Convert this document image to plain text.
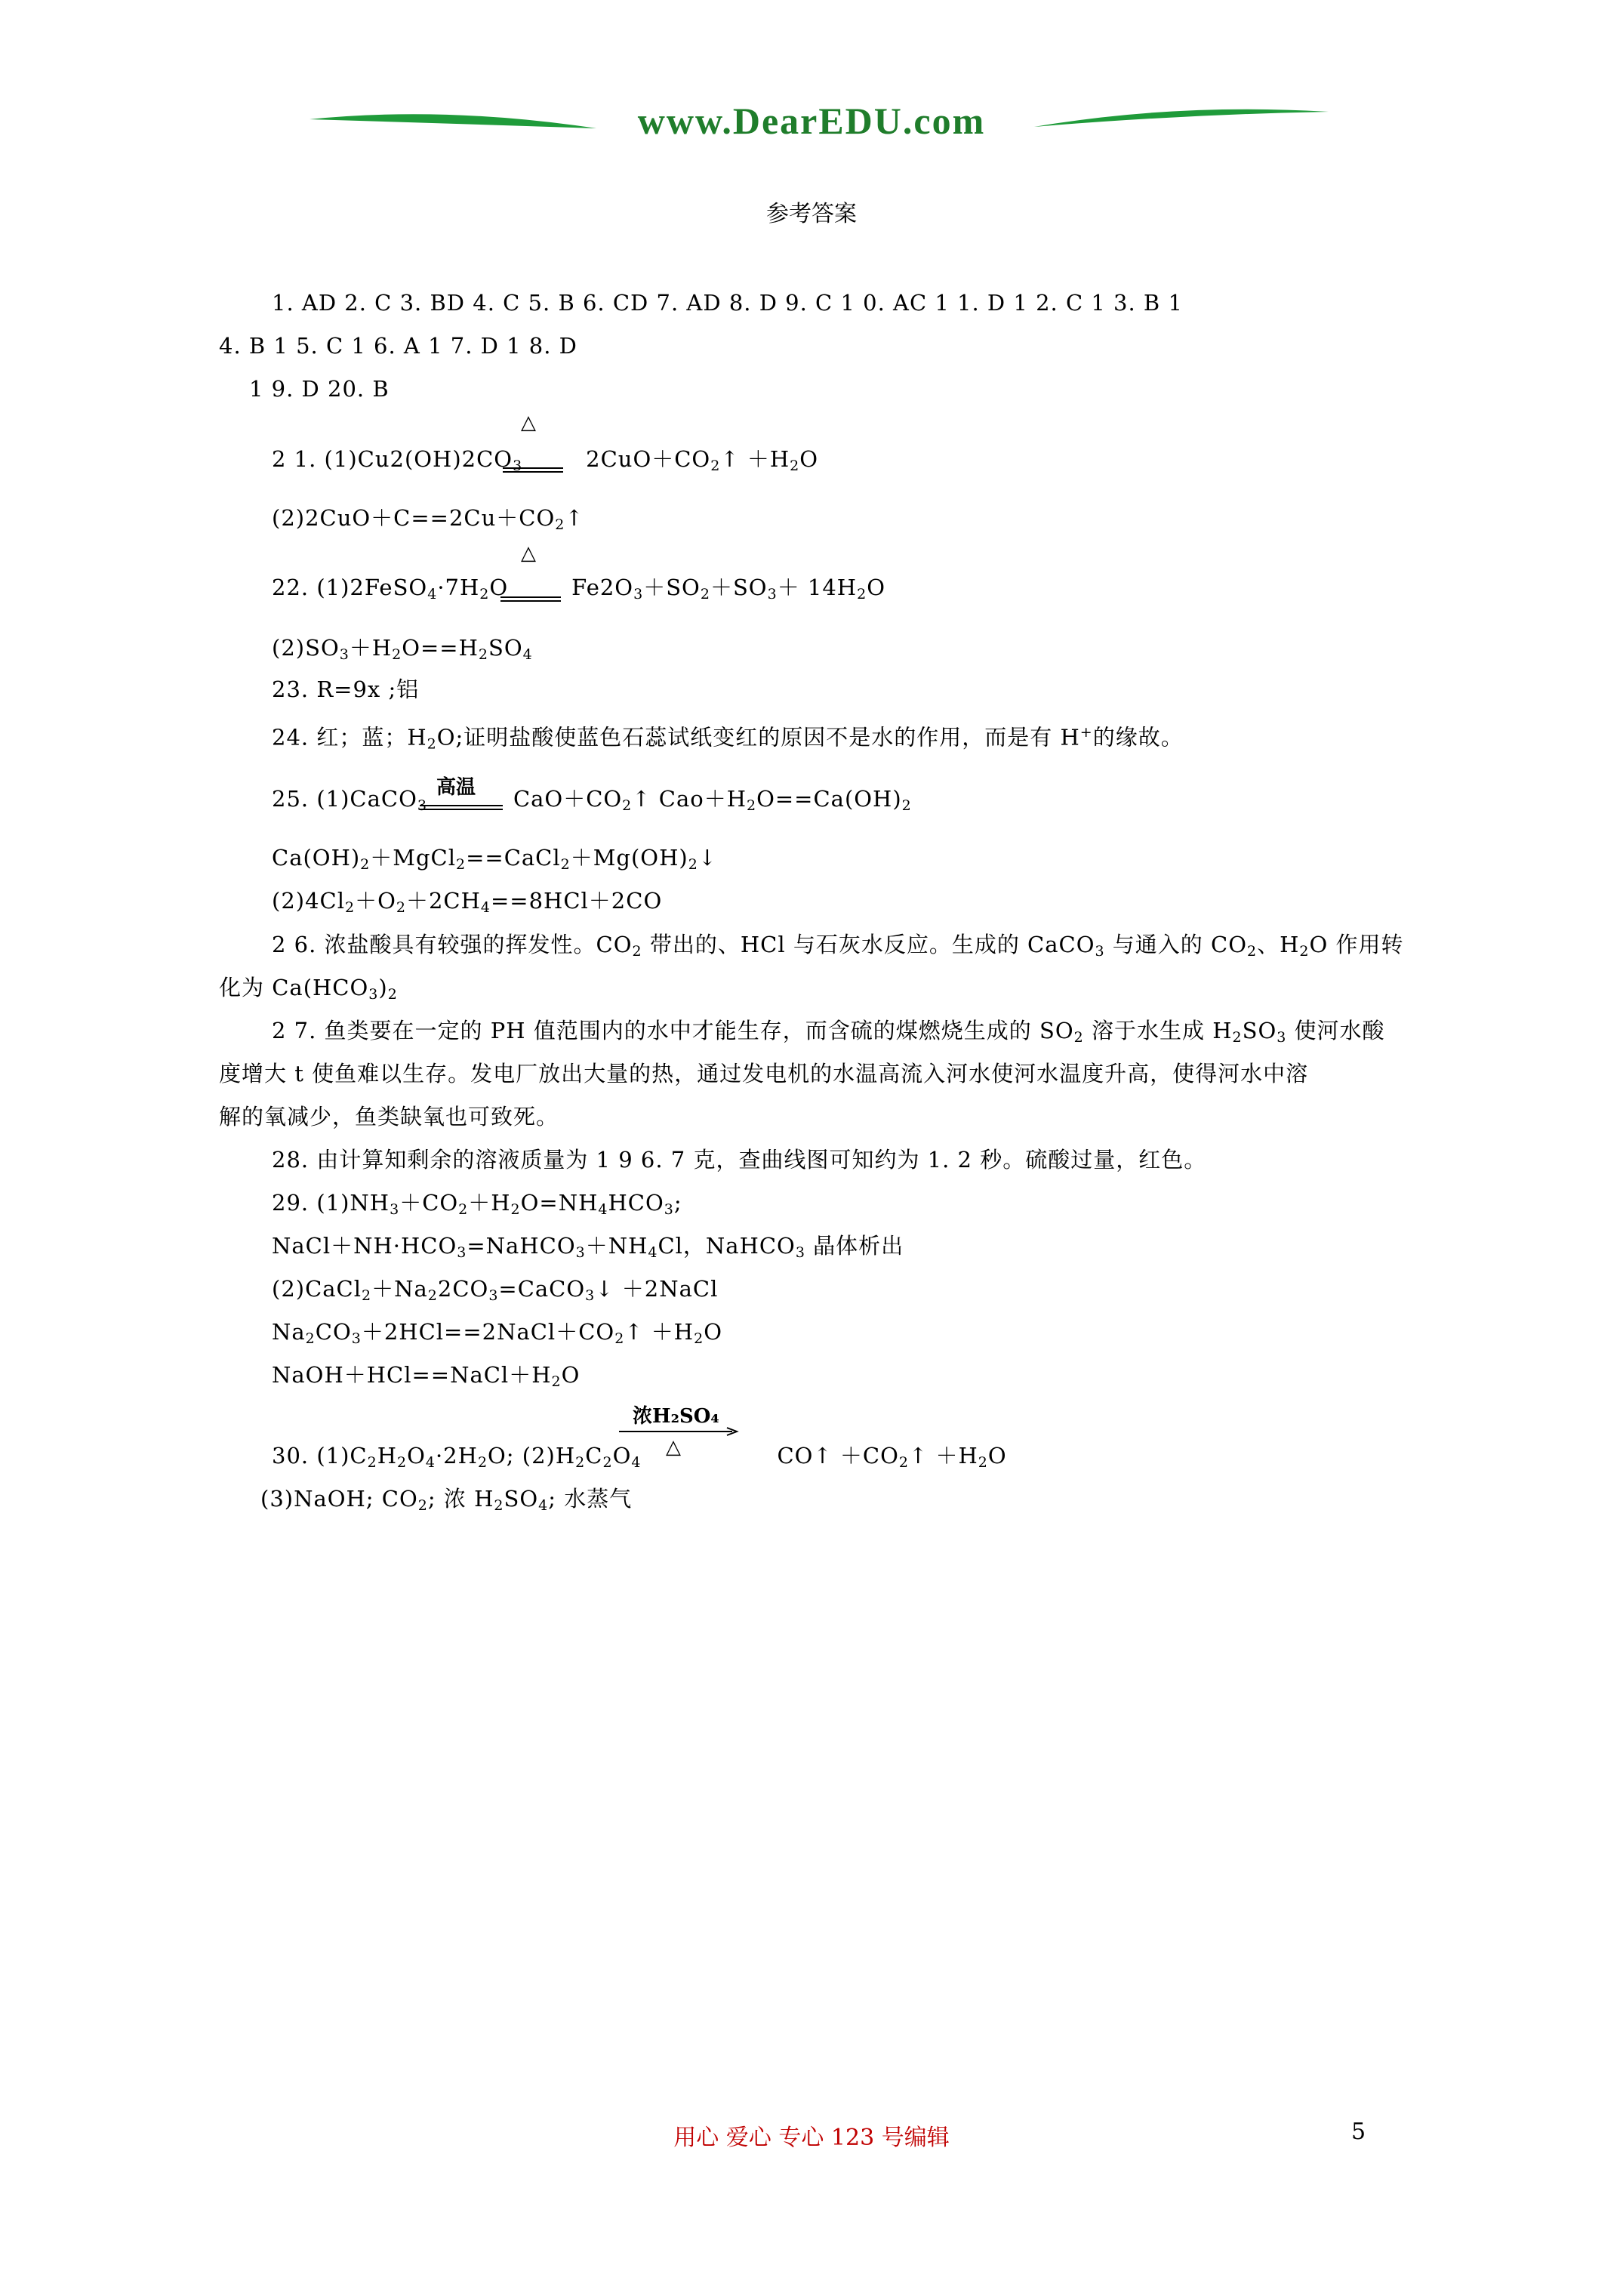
www.DearEDU.com
参考答案
1. AD 2. C 3. BD 4. C 5. B 6. CD 7. AD 8. D 9. C 1 0. AC 1 1. D 1 2. C 1 3. B 1
4. B 1 5. C 1 6. A 1 7. D 1 8. D
1 9. D 20. B
△
2 1. $(1)Cu2(OH)2CO_3$	$2CuO+CO_2↑ +H_2O$
$(2)2CuO+C==2Cu+CO_2↑$
△
22. $(1)2FeSO_4\cdot 7H_2O$	$Fe2O_3+SO_2+SO_3+ 14H_2O$
$(2)SO_3+H_2O==H_2SO_4$
23. R=9x ;铝
24. 红；蓝；$H_2O$;证明盐酸使蓝色石蕊试纸变红的原因不是水的作用，而是有 H+的缘故。
高温
25. (1)CaCO$_3$	$CaO+CO_2↑$ $Cao+H_2O==Ca(OH)_2$
$Ca(OH)_2+MgCl_2==CaCl_2+Mg(OH)_2↓$
$(2)4Cl_2+O_2+2CH_4==8HCl+2CO$
2 6. 浓盐酸具有较强的挥发性。$CO_2$ 带出的、HCl 与石灰水反应。生成的 CaCO$_3$ 与通入的 $CO_2$、$H_2O$ 作用转
化为 $Ca(HCO_3)_2$
2 7. 鱼类要在一定的 PH 值范围内的水中才能生存，而含硫的煤燃烧生成的 $SO_2$ 溶于水生成 $H_2SO_3$ 使河水酸
度增大 t 使鱼难以生存。发电厂放出大量的热，通过发电机的水温高流入河水使河水温度升高，使得河水中溶
解的氧减少，鱼类缺氧也可致死。
28. 由计算知剩余的溶液质量为 1 9 6. 7 克，查曲线图可知约为 1. 2 秒。硫酸过量，红色。
29. $(1)NH_3+CO_2+H_2O=NH_4HCO_3$;
$NaCl+NH\cdot HCO_3=NaHCO_3+NH_4Cl$，NaHCO$_3$ 晶体析出
$(2)CaCl_2+Na_22CO_3=CaCO_3↓$ ＋2NaCl
$Na_2CO_3+2HCl==2NaCl+CO_2↑ +H_2O$
$NaOH+HCl==NaCl+H_2O$
浓H₂SO₄
△
30. $(1)C_2H_2O_4\cdot 2H_2O$; $(2)H_2C_2O_4$	CO↑ $+CO_2↑ +H_2O$
(3)NaOH; $CO_2$; 浓 $H_2SO_4$; 水蒸气
用心 爱心 专心 123 号编辑	5
